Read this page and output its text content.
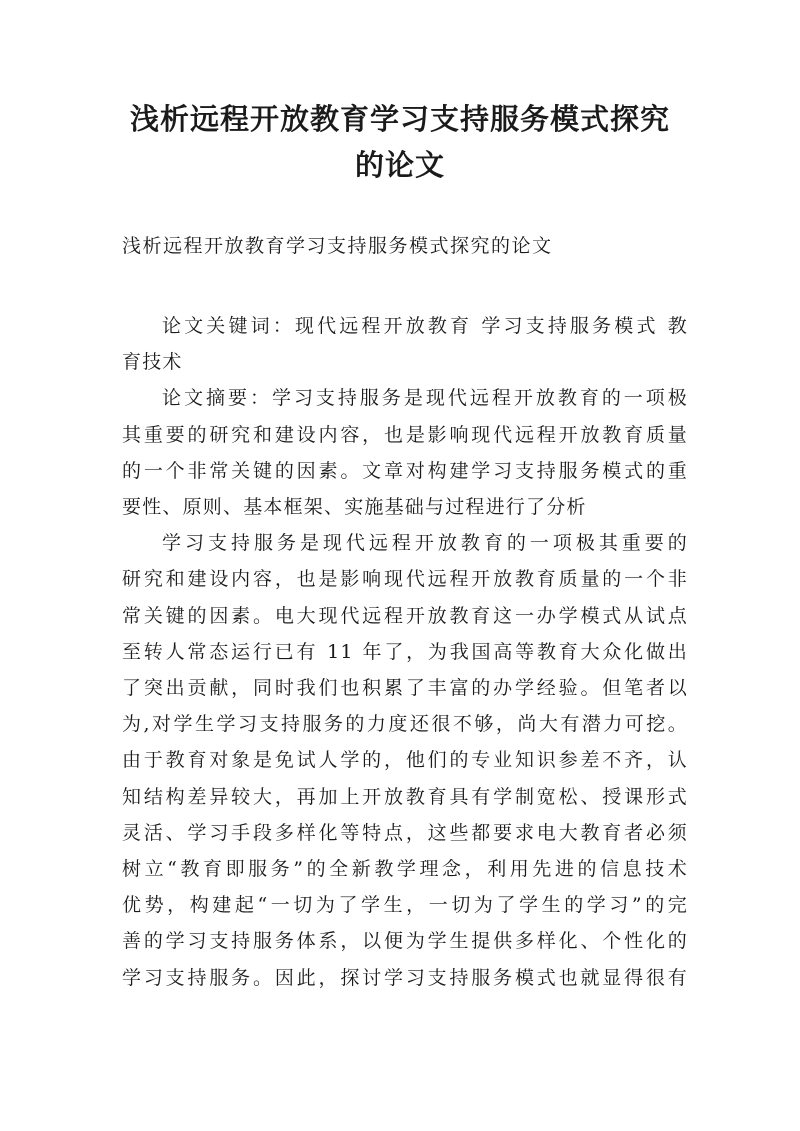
浅析远程开放教育学习支持服务模式探究
的论文
浅析远程开放教育学习支持服务模式探究的论文
论文关键词：现代远程开放教育 学习支持服务模式 教
育技术
论文摘要：学习支持服务是现代远程开放教育的一项极
其重要的研究和建设内容，也是影响现代远程开放教育质量
的一个非常关键的因素。文章对构建学习支持服务模式的重
要性、原则、基本框架、实施基础与过程进行了分析
学习支持服务是现代远程开放教育的一项极其重要的
研究和建设内容，也是影响现代远程开放教育质量的一个非
常关键的因素。电大现代远程开放教育这一办学模式从试点
至转人常态运行已有 11 年了，为我国高等教育大众化做出
了突出贡献，同时我们也积累了丰富的办学经验。但笔者以
为,对学生学习支持服务的力度还很不够，尚大有潜力可挖。
由于教育对象是免试人学的，他们的专业知识参差不齐，认
知结构差异较大，再加上开放教育具有学制宽松、授课形式
灵活、学习手段多样化等特点，这些都要求电大教育者必须
树立“教育即服务”的全新教学理念，利用先进的信息技术
优势，构建起“一切为了学生，一切为了学生的学习”的完
善的学习支持服务体系，以便为学生提供多样化、个性化的
学习支持服务。因此，探讨学习支持服务模式也就显得很有
